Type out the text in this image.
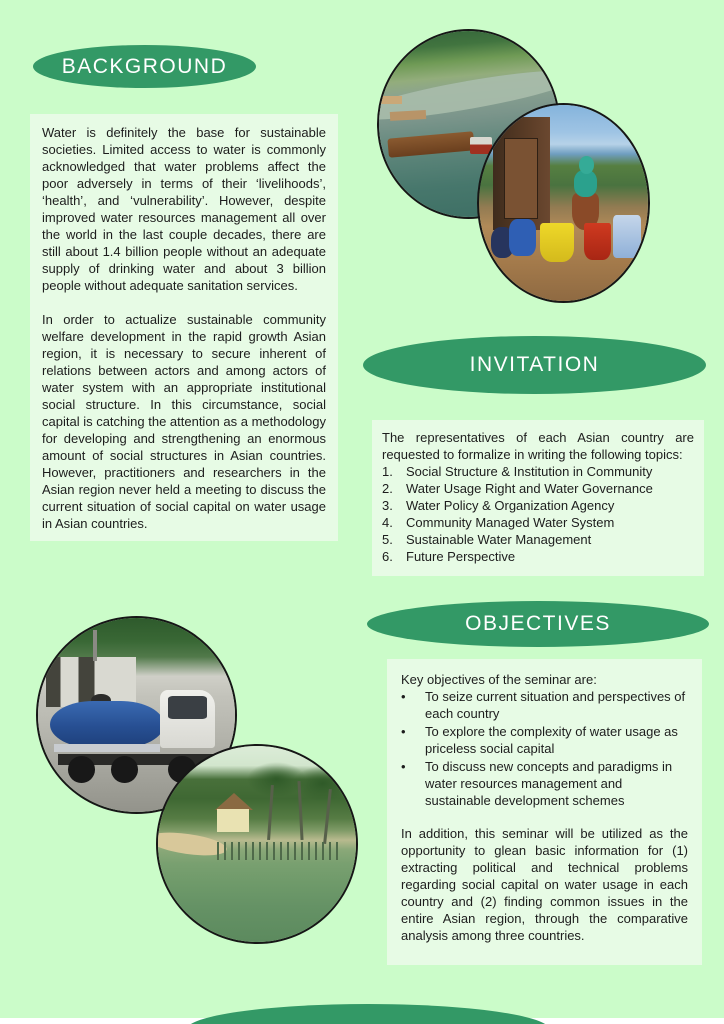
BACKGROUND

Water is definitely the base for sustainable societies. Limited access to water is commonly acknowledged that water problems affect the poor adversely in terms of their ‘livelihoods’, ‘health’, and ‘vulnerability’. However, despite improved water resources management all over the world in the last couple decades, there are still about 1.4 billion people without an adequate supply of drinking water and about 3 billion people without adequate sanitation services.

In order to actualize sustainable community welfare development in the rapid growth Asian region, it is necessary to secure inherent of relations between actors and among actors of water system with an appropriate institutional social structure. In this circumstance, social capital is catching the attention as a methodology for developing and strengthening an enormous amount of social structures in Asian countries. However, practitioners and researchers in the Asian region never held a meeting to discuss the current situation of social capital on water usage in Asian countries.

INVITATION

The representatives of each Asian country are requested to formalize in writing the following topics:

1.	Social Structure & Institution in Community
2.	Water Usage Right and Water Governance
3.	Water Policy & Organization Agency
4.	Community Managed Water System
5.	Sustainable Water Management
6.	Future Perspective
OBJECTIVES

Key objectives of the seminar are:

•	To seize current situation and perspectives of each country
•	To explore the complexity of water usage as priceless social capital
•	To discuss new concepts and paradigms in water resources management and sustainable development schemes

In addition, this seminar will be utilized as the opportunity to glean basic information for (1) extracting political and technical problems regarding social capital on water usage in each country and (2) finding common issues in the entire Asian region, through the comparative analysis among three countries.
